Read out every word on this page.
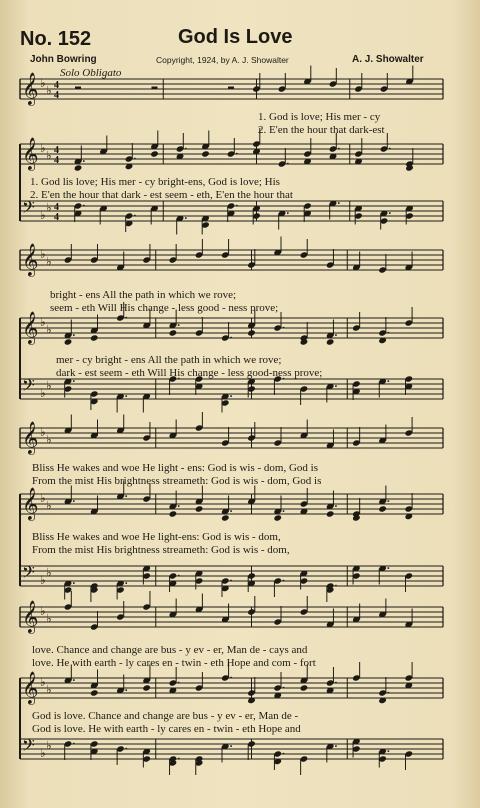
No. 152	God Is Love
John Bowring	Copyright, 1924, by A. J. Showalter	A. J. Showalter
Solo Obligato
𝄞 ♭
♭ 4
4
𝄞 ♭
♭ 4
4
𝄢 ♭
♭ 4
4
𝄞 ♭
♭
𝄞 ♭
♭
𝄢 ♭
♭
𝄞 ♭
♭
𝄞 ♭
♭
𝄢 ♭
♭
𝄞 ♭
♭
𝄞 ♭
♭
𝄢 ♭
♭
1. God is love; His mer - cy
2. E'en the hour that dark-est
1. God lis love; His mer - cy bright-ens, God is love; His
2. E'en the hour that dark - est seem - eth, E'en the hour that
bright - ens All the path in which we rove;
seem - eth Will His change - less good - ness prove;
mer - cy bright - ens All the path in which we rove;
dark - est seem - eth Will His change - less good-ness prove;
Bliss He wakes and woe He light - ens: God is wis - dom, God is
From the mist His brightness streameth: God is wis - dom, God is
Bliss He wakes and woe He light-ens: God is wis - dom,
From the mist His brightness streameth: God is wis - dom,
love. Chance and change are bus - y ev - er, Man de - cays and
love. He with earth - ly cares en - twin - eth Hope and com - fort
God is love. Chance and change are bus - y ev - er, Man de -
God is love. He with earth - ly cares en - twin - eth Hope and
